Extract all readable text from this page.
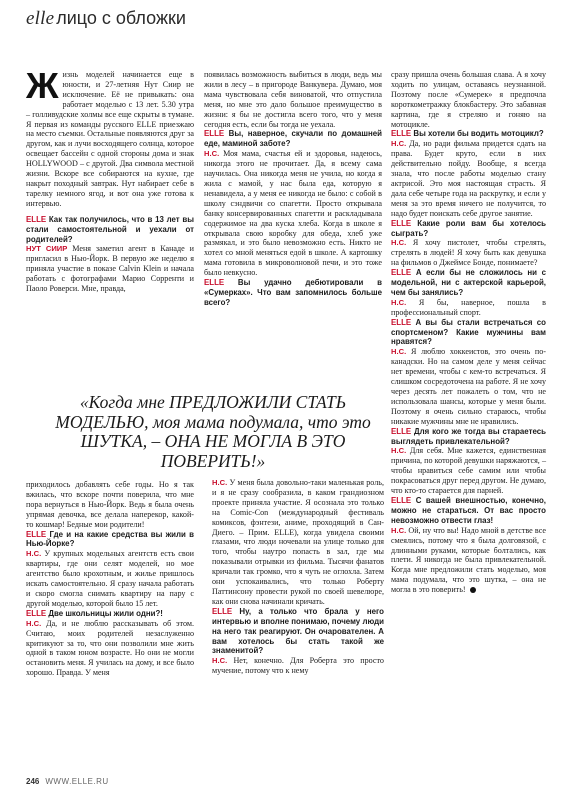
elle лицо с обложки

Жизнь моделей начинается еще в юности, и 27-летняя Нут Сиир не исключение. Её не привыкать: она работает моделью с 13 лет. 5.30 утра – голливудские холмы все еще скрыты в тумане. Я первая из команды русского ELLE приезжаю на место съемки. Остальные появляются друг за другом, как и лучи восходящего солнца, которое освещает бассейн с одной стороны дома и знак HOLLYWOOD – с другой. Два символа местной жизни. Вскоре все собираются на кухне, где накрыт походный завтрак. Нут набирает себе в тарелку немного ягод, и вот она уже готова к интервью.

ELLE Как так получилось, что в 13 лет вы стали самостоятельной и уехали от родителей?

НУТ СИИР Меня заметил агент в Канаде и пригласил в Нью-Йорк. В первую же неделю я приняла участие в показе Calvin Klein и начала работать с фотографами Марио Сорренти и Паоло Роверси. Мне, правда,

появилась возможность выбиться в люди, ведь мы жили в лесу – в пригороде Ванкувера. Думаю, моя мама чувствовала себя виноватой, что отпустила меня, но мне это дало большое преимущество в жизни: я бы не достигла всего того, что у меня сегодня есть, если бы тогда не уехала.

ELLE Вы, наверное, скучали по домашней еде, маминой заботе?

Н.С. Моя мама, счастья ей и здоровья, надеюсь, никогда этого не прочитает. Да, я всему сама научилась. Она никогда меня не учила, но когда я жила с мамой, у нас была еда, которую я ненавидела, а у меня ее никогда не было: с собой в школу сэндвичи со спагетти. Просто открывала банку консервированных спагетти и раскладывала содержимое на два куска хлеба. Когда в школе я открывала свою коробку для обеда, хлеб уже размякал, и это было невозможно есть. Никто не хотел со мной меняться едой в школе. А картошку мама готовила в микроволновой печи, и это тоже было невкусно.

ELLE Вы удачно дебютировали в «Сумерках». Что вам запомнилось больше всего?

сразу пришла очень большая слава. А я хочу ходить по улицам, оставаясь неузнанной. Поэтому после «Сумерек» я предпочла короткометражку блокбастеру. Это забавная картина, где я стреляю и гоняю на мотоцикле.

ELLE Вы хотели бы водить мотоцикл?

Н.С. Да, но ради фильма придется сдать на права. Будет круто, если в них действительно пойду. Вообще, я всегда знала, что после работы моделью стану актрисой. Это моя настоящая страсть. Я дала себе четыре года на раскрутку, и если у меня за это время ничего не получится, то надо будет поискать себе другое занятие.

ELLE Какие роли вам бы хотелось сыграть?

Н.С. Я хочу пистолет, чтобы стрелять, стрелять в людей! Я хочу быть как девушка на фильмов о Джеймсе Бонде, понимаете?

ELLE А если бы не сложилось ни с модельной, ни с актерской карьерой, чем бы занялись?

Н.С. Я бы, наверное, пошла в профессиональный спорт.

ELLE А вы бы стали встречаться со спортсменом? Какие мужчины вам нравятся?

Н.С. Я люблю хоккеистов, это очень по-канадски. Но на самом деле у меня сейчас нет времени, чтобы с кем-то встречаться. Я слишком сосредоточена на работе. Я не хочу через десять лет пожалеть о том, что не использовала шансы, которые у меня были. Поэтому я очень сильно стараюсь, чтобы никакие мужчины мне не нравились.

ELLE Для кого же тогда вы стараетесь выглядеть привлекательной?

Н.С. Для себя. Мне кажется, единственная причина, по которой девушки наряжаются, – чтобы нравиться себе самим или чтобы покрасоваться друг перед другом. Не думаю, что кто-то старается для парней.

ELLE С вашей внешностью, конечно, можно не стараться. От вас просто невозможно отвести глаз!

Н.С. Ой, ну что вы! Надо мной в детстве все смеялись, потому что я была долговязой, с длинными руками, которые болтались, как плети. Я никогда не была привлекательной. Когда мне предложили стать моделью, моя мама подумала, что это шутка, – она не могла в это поверить!

«Когда мне ПРЕДЛОЖИЛИ СТАТЬ МОДЕЛЬЮ, моя мама подумала, что это ШУТКА, – ОНА НЕ МОГЛА В ЭТО ПОВЕРИТЬ!»

приходилось добавлять себе годы. Но я так вжилась, что вскоре почти поверила, что мне пора вернуться в Нью-Йорк. Ведь я была очень упрямая девочка, все делала наперекор, какой-то кошмар! Бедные мои родители!

ELLE Где и на какие средства вы жили в Нью-Йорке?

Н.С. У крупных модельных агентств есть свои квартиры, где они селят моделей, но мое агентство было крохотным, и жилье пришлось искать самостоятельно. Я сразу начала работать и скоро смогла снимать квартиру на пару с другой моделью, которой было 15 лет.

ELLE Две школьницы жили одни?!

Н.С. Да, и не люблю рассказывать об этом. Считаю, моих родителей незаслуженно критикуют за то, что они позволили мне жить одной в таком юном возрасте. Но они не могли остановить меня. Я училась на дому, и все было хорошо. Правда. У меня

Н.С. У меня была довольно-таки маленькая роль, и я не сразу сообразила, в каком грандиозном проекте приняла участие. Я осознала это только на Comic-Con (международный фестиваль комиксов, фэнтези, аниме, проходящий в Сан-Диего. – Прим. ELLE), когда увидела своими глазами, что люди ночевали на улице только для того, чтобы наутро попасть в зал, где мы показывали отрывки из фильма. Тысячи фанатов кричали так громко, что я чуть не оглохла. Затем они успокаивались, что только Роберту Паттинсону провести рукой по своей шевелюре, как они снова начинали кричать.

ELLE Ну, а только что брала у него интервью и вполне понимаю, почему люди на него так реагируют. Он очарователен. А вам хотелось бы стать такой же знаменитой?

Н.С. Нет, конечно. Для Роберта это просто мучение, потому что к нему

246 WWW.ELLE.RU
